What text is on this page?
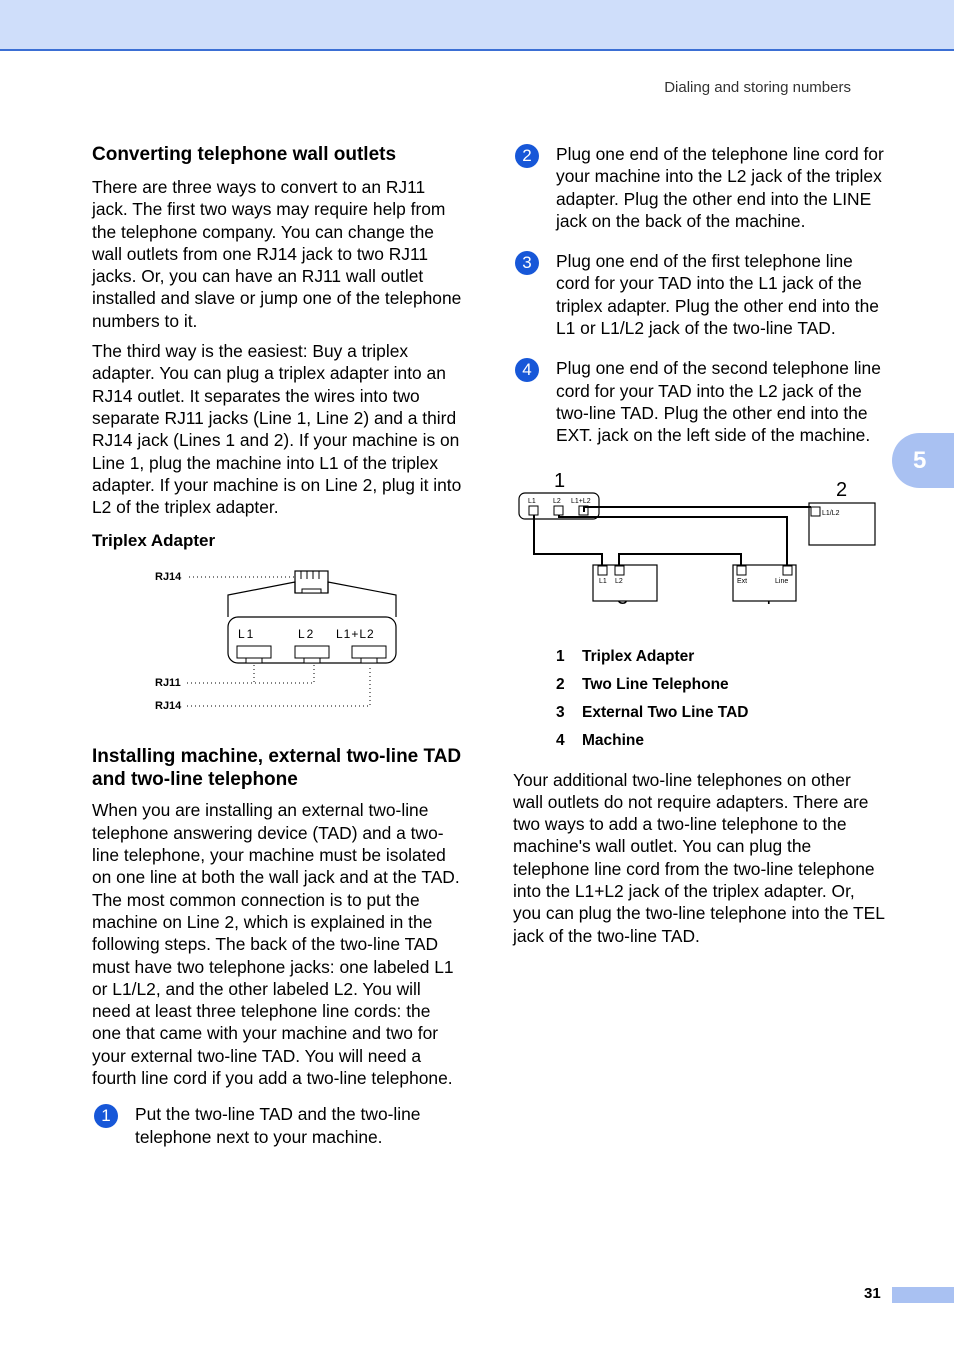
Dialing and storing numbers
5
Converting telephone wall outlets

There are three ways to convert to an RJ11 jack. The first two ways may require help from the telephone company. You can change the wall outlets from one RJ14 jack to two RJ11 jacks. Or, you can have an RJ11 wall outlet installed and slave or jump one of the telephone numbers to it.

The third way is the easiest: Buy a triplex adapter. You can plug a triplex adapter into an RJ14 outlet. It separates the wires into two separate RJ11 jacks (Line 1, Line 2) and a third RJ14 jack (Lines 1 and 2). If your machine is on Line 1, plug the machine into L1 of the triplex adapter. If your machine is on Line 2, plug it into L2 of the triplex adapter.

Triplex Adapter
L1	L2 L1+L2
RJ14
RJ11
RJ14
Installing machine, external two-line TAD and two-line telephone

When you are installing an external two-line telephone answering device (TAD) and a two-line telephone, your machine must be isolated on one line at both the wall jack and at the TAD. The most common connection is to put the machine on Line 2, which is explained in the following steps. The back of the two-line TAD must have two telephone jacks: one labeled L1 or L1/L2, and the other labeled L2. You will need at least three telephone line cords: the one that came with your machine and two for your external two-line TAD. You will need a fourth line cord if you add a two-line telephone.

1	Put the two-line TAD and the two-line telephone next to your machine.
2	Plug one end of the telephone line cord for your machine into the L2 jack of the triplex adapter. Plug the other end into the LINE jack on the back of the machine.
3	Plug one end of the first telephone line cord for your TAD into the L1 jack of the triplex adapter. Plug the other end into the L1 or L1/L2 jack of the two-line TAD.
4	Plug one end of the second telephone line cord for your TAD into the L2 jack of the two-line TAD. Plug the other end into the EXT. jack on the left side of the machine.
1	2
L1 L2 L1+L2
L1/L2
L1 L2	Ext	Line
1 Triplex Adapter
2 Two Line Telephone
3 External Two Line TAD
4 Machine

Your additional two-line telephones on other wall outlets do not require adapters. There are two ways to add a two-line telephone to the machine's wall outlet. You can plug the telephone line cord from the two-line telephone into the L1+L2 jack of the triplex adapter. Or, you can plug the two-line telephone into the TEL jack of the two-line TAD.

31
